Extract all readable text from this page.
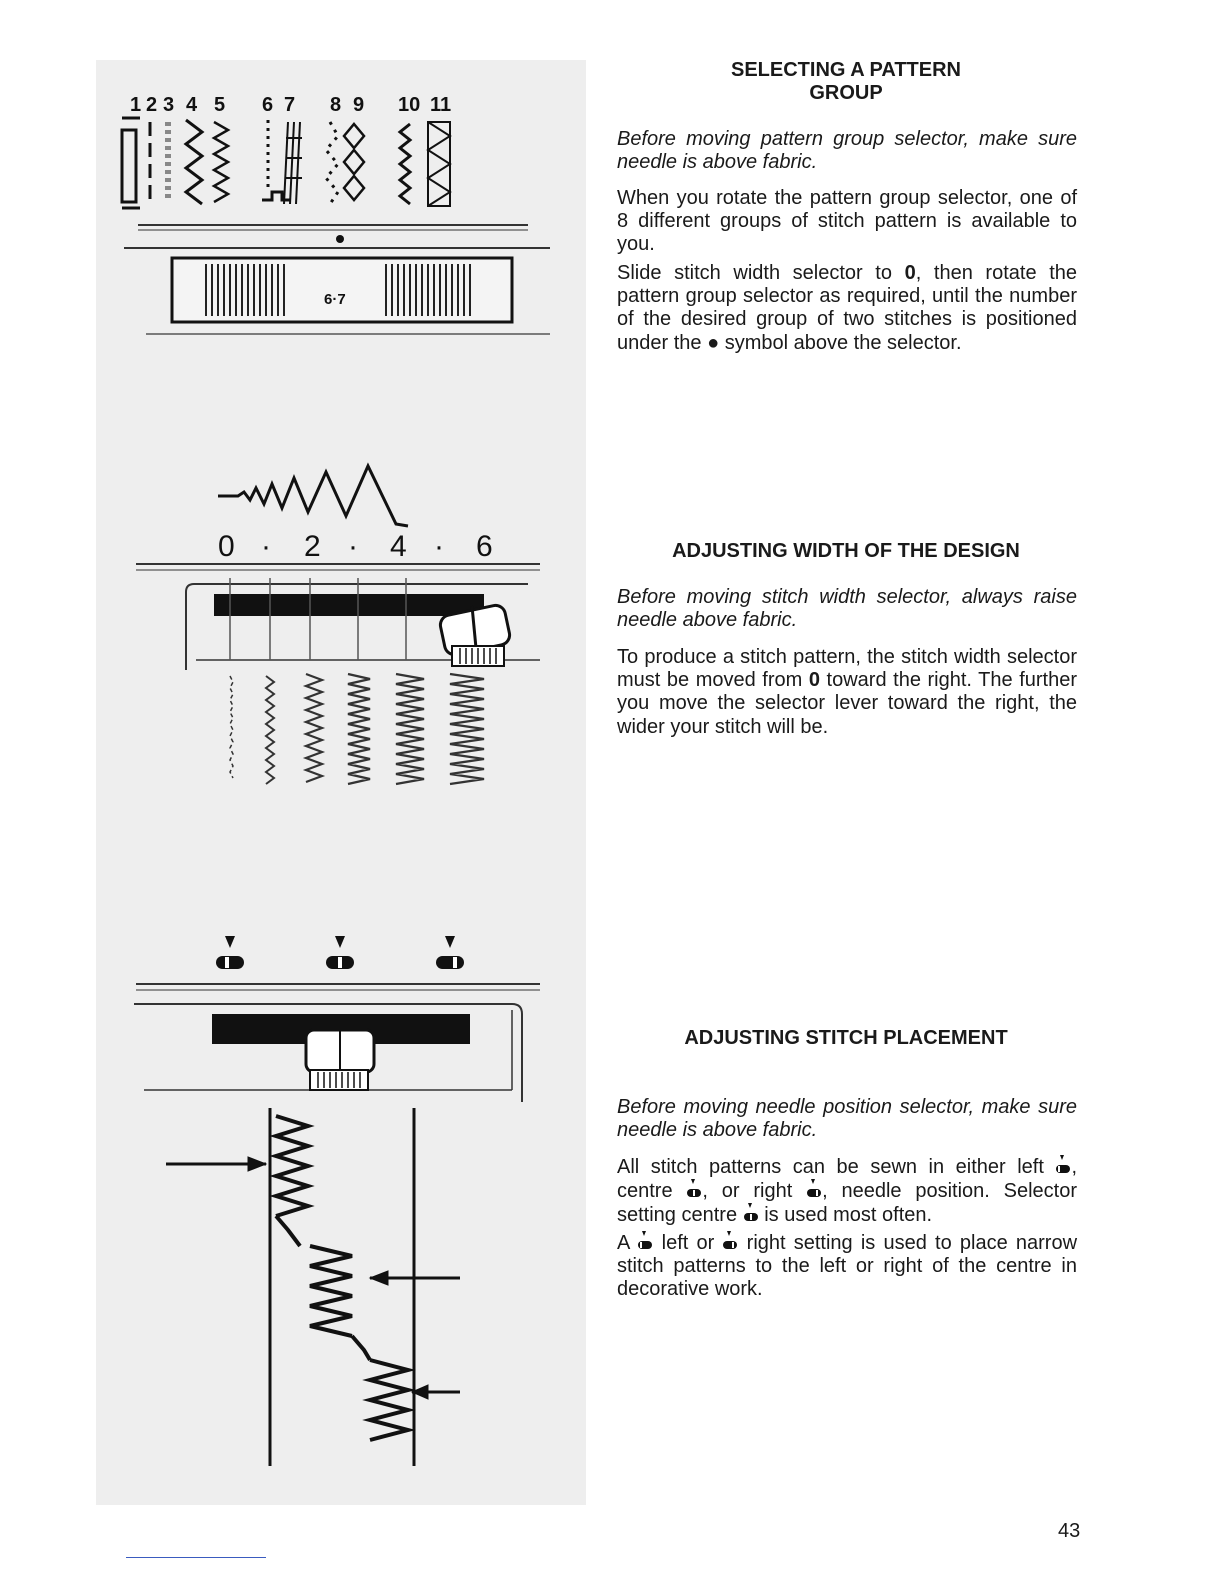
1 2 3 4 5 6 7 8 9 10 11
6·7
0 · 2 · 4 · 6
SELECTING A PATTERN
GROUP

Before moving pattern group selector, make sure needle is above fabric.

When you rotate the pattern group selector, one of 8 different groups of stitch pattern is available to you.

Slide stitch width selector to 0, then rotate the pattern group selector as required, until the number of the desired group of two stitches is positioned under the ● symbol above the selector.

ADJUSTING WIDTH OF THE DESIGN

Before moving stitch width selector, always raise needle above fabric.

To produce a stitch pattern, the stitch width selector must be moved from 0 toward the right. The further you move the selector lever toward the right, the wider your stitch will be.

ADJUSTING STITCH PLACEMENT

Before moving needle position selector, make sure needle is above fabric.

All stitch patterns can be sewn in either left , centre , or right , needle position. Selector setting centre is used most often.

A left or right setting is used to place narrow stitch patterns to the left or right of the centre in decorative work.

43
